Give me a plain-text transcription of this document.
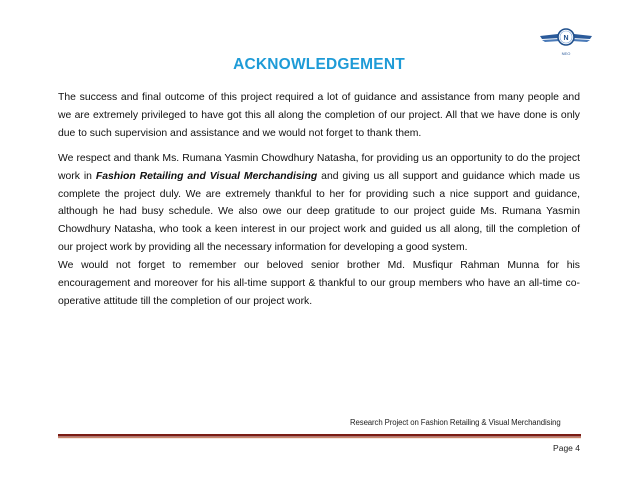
N
NEO
ACKNOWLEDGEMENT

The success and final outcome of this project required a lot of guidance and assistance from many people and we are extremely privileged to have got this all along the completion of our project. All that we have done is only due to such supervision and assistance and we would not forget to thank them.

We respect and thank Ms. Rumana Yasmin Chowdhury Natasha, for providing us an opportunity to do the project work in Fashion Retailing and Visual Merchandising and giving us all support and guidance which made us complete the project duly. We are extremely thankful to her for providing such a nice support and guidance, although he had busy schedule. We also owe our deep gratitude to our project guide Ms. Rumana Yasmin Chowdhury Natasha, who took a keen interest in our project work and guided us all along, till the completion of our project work by providing all the necessary information for developing a good system.

We would not forget to remember our beloved senior brother Md. Musfiqur Rahman Munna for his encouragement and moreover for his all-time support & thankful to our group members who have an all-time co-operative attitude till the completion of our project work.

Research Project on Fashion Retailing & Visual Merchandising
Page 4
